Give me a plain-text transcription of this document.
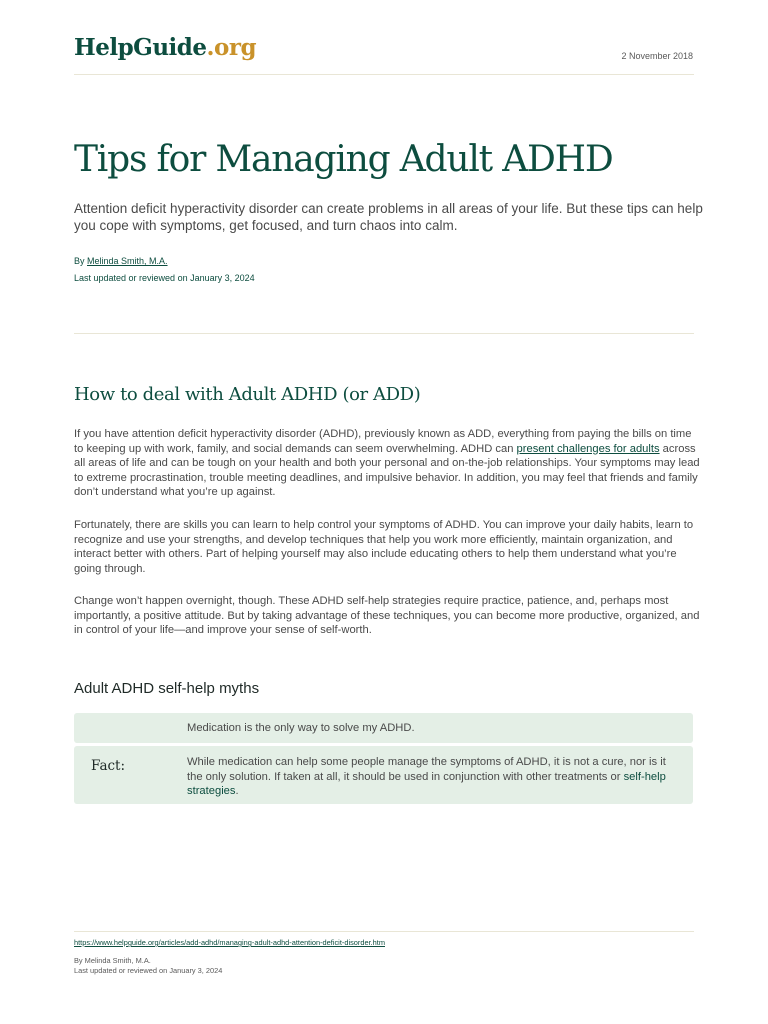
HelpGuide.org	2 November 2018
Tips for Managing Adult ADHD

Attention deficit hyperactivity disorder can create problems in all areas of your life. But these tips can help you cope with symptoms, get focused, and turn chaos into calm.

By Melinda Smith, M.A.
Last updated or reviewed on January 3, 2024
How to deal with Adult ADHD (or ADD)

If you have attention deficit hyperactivity disorder (ADHD), previously known as ADD, everything from paying the bills on time to keeping up with work, family, and social demands can seem overwhelming. ADHD can present challenges for adults across all areas of life and can be tough on your health and both your personal and on-the-job relationships. Your symptoms may lead to extreme procrastination, trouble meeting deadlines, and impulsive behavior. In addition, you may feel that friends and family don’t understand what you’re up against.

Fortunately, there are skills you can learn to help control your symptoms of ADHD. You can improve your daily habits, learn to recognize and use your strengths, and develop techniques that help you work more efficiently, maintain organization, and interact better with others. Part of helping yourself may also include educating others to help them understand what you’re going through.

Change won’t happen overnight, though. These ADHD self-help strategies require practice, patience, and, perhaps most importantly, a positive attitude. But by taking advantage of these techniques, you can become more productive, organized, and in control of your life—and improve your sense of self-worth.

Adult ADHD self-help myths
Medication is the only way to solve my ADHD.
Fact:	While medication can help some people manage the symptoms of ADHD, it is not a cure, nor is it the only solution. If taken at all, it should be used in conjunction with other treatments or self-help strategies.
https://www.helpguide.org/articles/add-adhd/managing-adult-adhd-attention-deficit-disorder.htm
By Melinda Smith, M.A.
Last updated or reviewed on January 3, 2024
